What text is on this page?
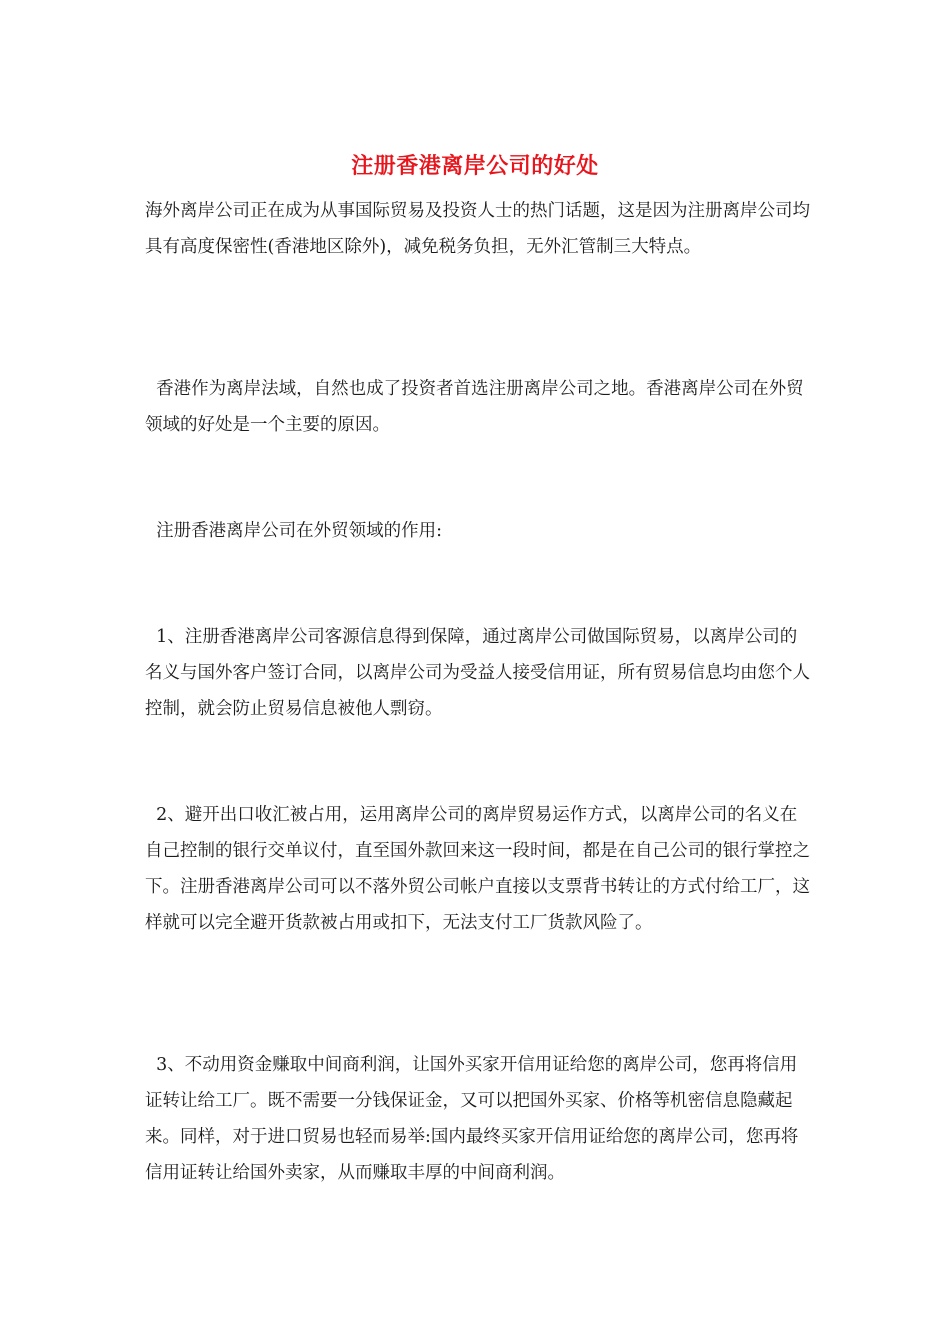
注册香港离岸公司的好处

海外离岸公司正在成为从事国际贸易及投资人士的热门话题，这是因为注册离岸公司均具有高度保密性(香港地区除外)，减免税务负担，无外汇管制三大特点。

香港作为离岸法域，自然也成了投资者首选注册离岸公司之地。香港离岸公司在外贸领域的好处是一个主要的原因。

注册香港离岸公司在外贸领域的作用:

1、注册香港离岸公司客源信息得到保障，通过离岸公司做国际贸易，以离岸公司的名义与国外客户签订合同，以离岸公司为受益人接受信用证，所有贸易信息均由您个人控制，就会防止贸易信息被他人剽窃。

2、避开出口收汇被占用，运用离岸公司的离岸贸易运作方式，以离岸公司的名义在自己控制的银行交单议付，直至国外款回来这一段时间，都是在自己公司的银行掌控之下。注册香港离岸公司可以不落外贸公司帐户直接以支票背书转让的方式付给工厂，这样就可以完全避开货款被占用或扣下，无法支付工厂货款风险了。

3、不动用资金赚取中间商利润，让国外买家开信用证给您的离岸公司，您再将信用证转让给工厂。既不需要一分钱保证金，又可以把国外买家、价格等机密信息隐藏起来。同样，对于进口贸易也轻而易举:国内最终买家开信用证给您的离岸公司，您再将信用证转让给国外卖家，从而赚取丰厚的中间商利润。
